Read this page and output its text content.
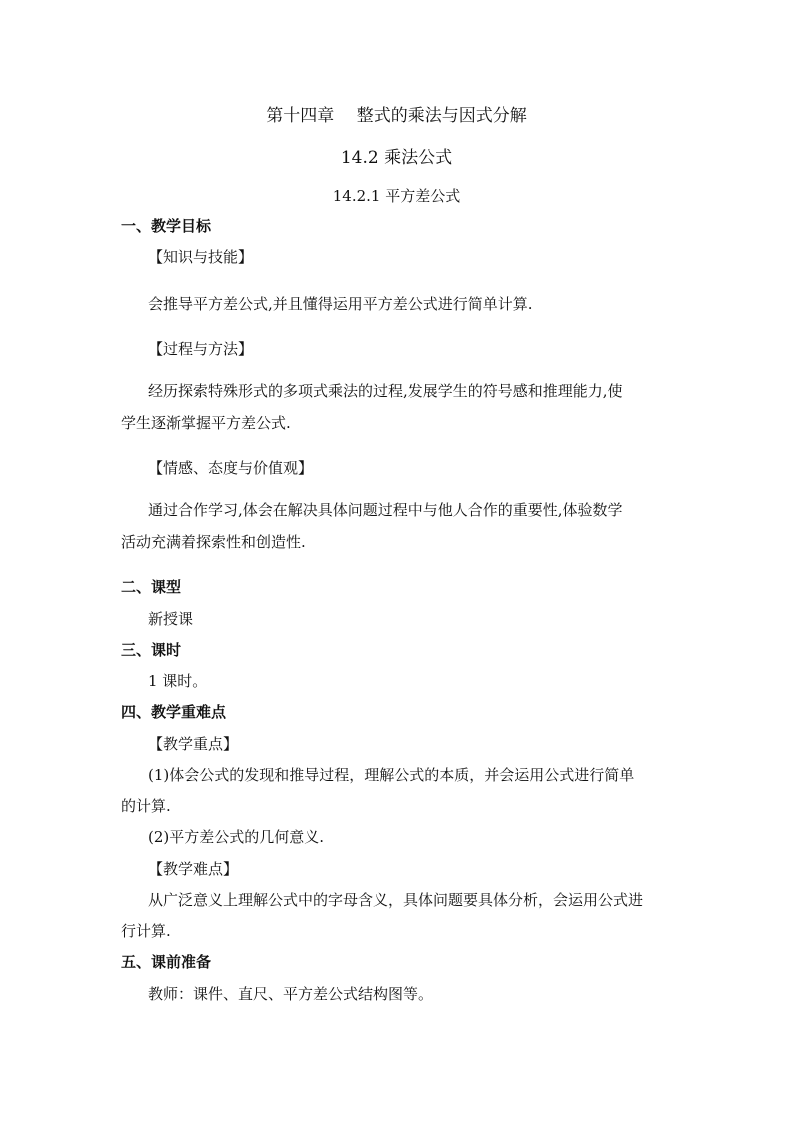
第十四章　 整式的乘法与因式分解
14.2 乘法公式
14.2.1 平方差公式
一、教学目标
【知识与技能】
会推导平方差公式,并且懂得运用平方差公式进行简单计算.
【过程与方法】
经历探索特殊形式的多项式乘法的过程,发展学生的符号感和推理能力,使
学生逐渐掌握平方差公式.
【情感、态度与价值观】
通过合作学习,体会在解决具体问题过程中与他人合作的重要性,体验数学
活动充满着探索性和创造性.
二、课型
新授课
三、课时
1 课时。
四、教学重难点
【教学重点】
(1)体会公式的发现和推导过程，理解公式的本质，并会运用公式进行简单
的计算.
(2)平方差公式的几何意义.
【教学难点】
从广泛意义上理解公式中的字母含义，具体问题要具体分析，会运用公式进
行计算.
五、课前准备
教师：课件、直尺、平方差公式结构图等。
